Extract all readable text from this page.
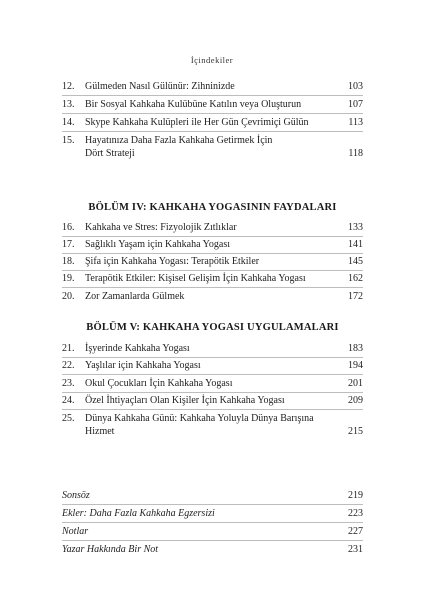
İçindekiler
12.	Gülmeden Nasıl Gülünür: Zihninizde	103
13.	Bir Sosyal Kahkaha Kulübüne Katılın veya Oluşturun	107
14.	Skype Kahkaha Kulüpleri ile Her Gün Çevrimiçi Gülün	113
15.	Hayatınıza Daha Fazla Kahkaha Getirmek İçin
Dört Strateji	118
BÖLÜM IV: KAHKAHA YOGASININ FAYDALARI
16.	Kahkaha ve Stres: Fizyolojik Zıtlıklar	133
17.	Sağlıklı Yaşam için Kahkaha Yogası	141
18.	Şifa için Kahkaha Yogası: Terapötik Etkiler	145
19.	Terapötik Etkiler: Kişisel Gelişim İçin Kahkaha Yogası	162
20.	Zor Zamanlarda Gülmek	172
BÖLÜM V: KAHKAHA YOGASI UYGULAMALARI
21.	İşyerinde Kahkaha Yogası	183
22.	Yaşlılar için Kahkaha Yogası	194
23.	Okul Çocukları İçin Kahkaha Yogası	201
24.	Özel İhtiyaçları Olan Kişiler İçin Kahkaha Yogası	209
25.	Dünya Kahkaha Günü: Kahkaha Yoluyla Dünya Barışına
Hizmet	215
Sonsöz	219
Ekler: Daha Fazla Kahkaha Egzersizi	223
Notlar	227
Yazar Hakkında Bir Not	231
